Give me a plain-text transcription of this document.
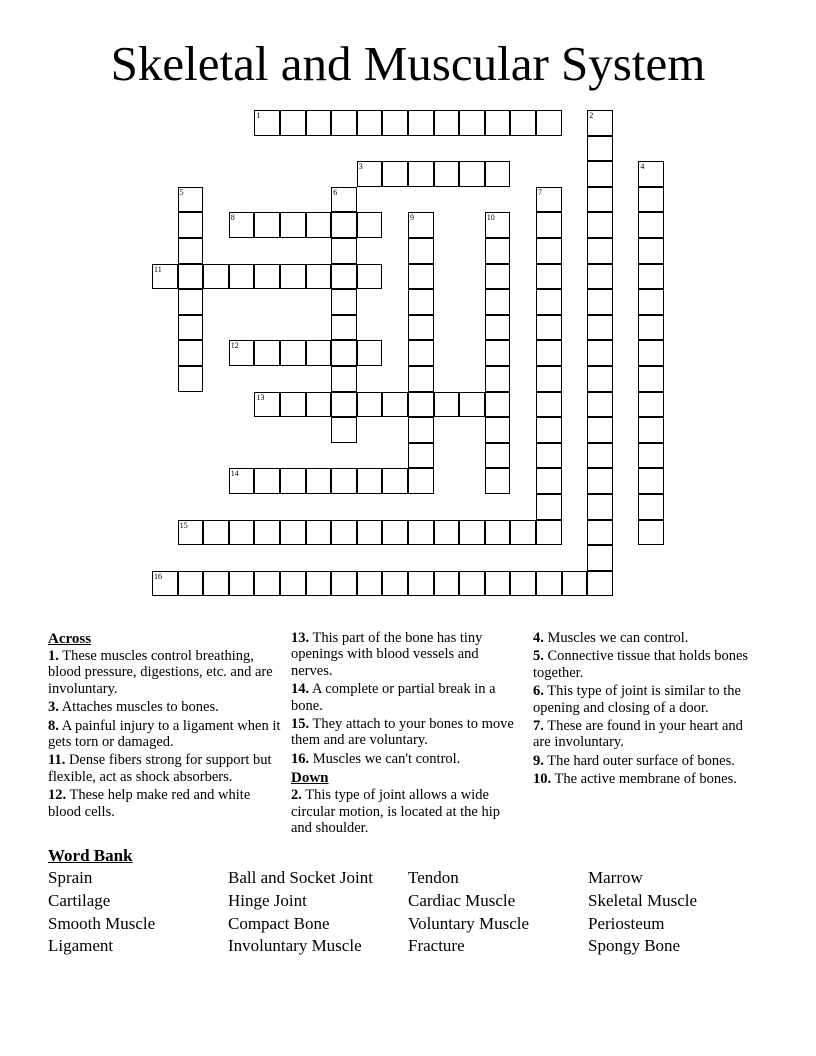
Skeletal and Muscular System
1	2
3	4
5	6	7
8	9	10
11
12
13
14
15
16
Across
1. These muscles control breathing, blood pressure, digestions, etc. and are involuntary.
3. Attaches muscles to bones.
8. A painful injury to a ligament when it gets torn or damaged.
11. Dense fibers strong for support but flexible, act as shock absorbers.
12. These help make red and white blood cells.
13. This part of the bone has tiny openings with blood vessels and nerves.
14. A complete or partial break in a bone.
15. They attach to your bones to move them and are voluntary.
16. Muscles we can't control.
Down
2. This type of joint allows a wide circular motion, is located at the hip and shoulder.
4. Muscles we can control.
5. Connective tissue that holds bones together.
6. This type of joint is similar to the opening and closing of a door.
7. These are found in your heart and are involuntary.
9. The hard outer surface of bones.
10. The active membrane of bones.
Word Bank
Sprain
Cartilage
Smooth Muscle
Ligament
Ball and Socket Joint
Hinge Joint
Compact Bone
Involuntary Muscle
Tendon
Cardiac Muscle
Voluntary Muscle
Fracture
Marrow
Skeletal Muscle
Periosteum
Spongy Bone
